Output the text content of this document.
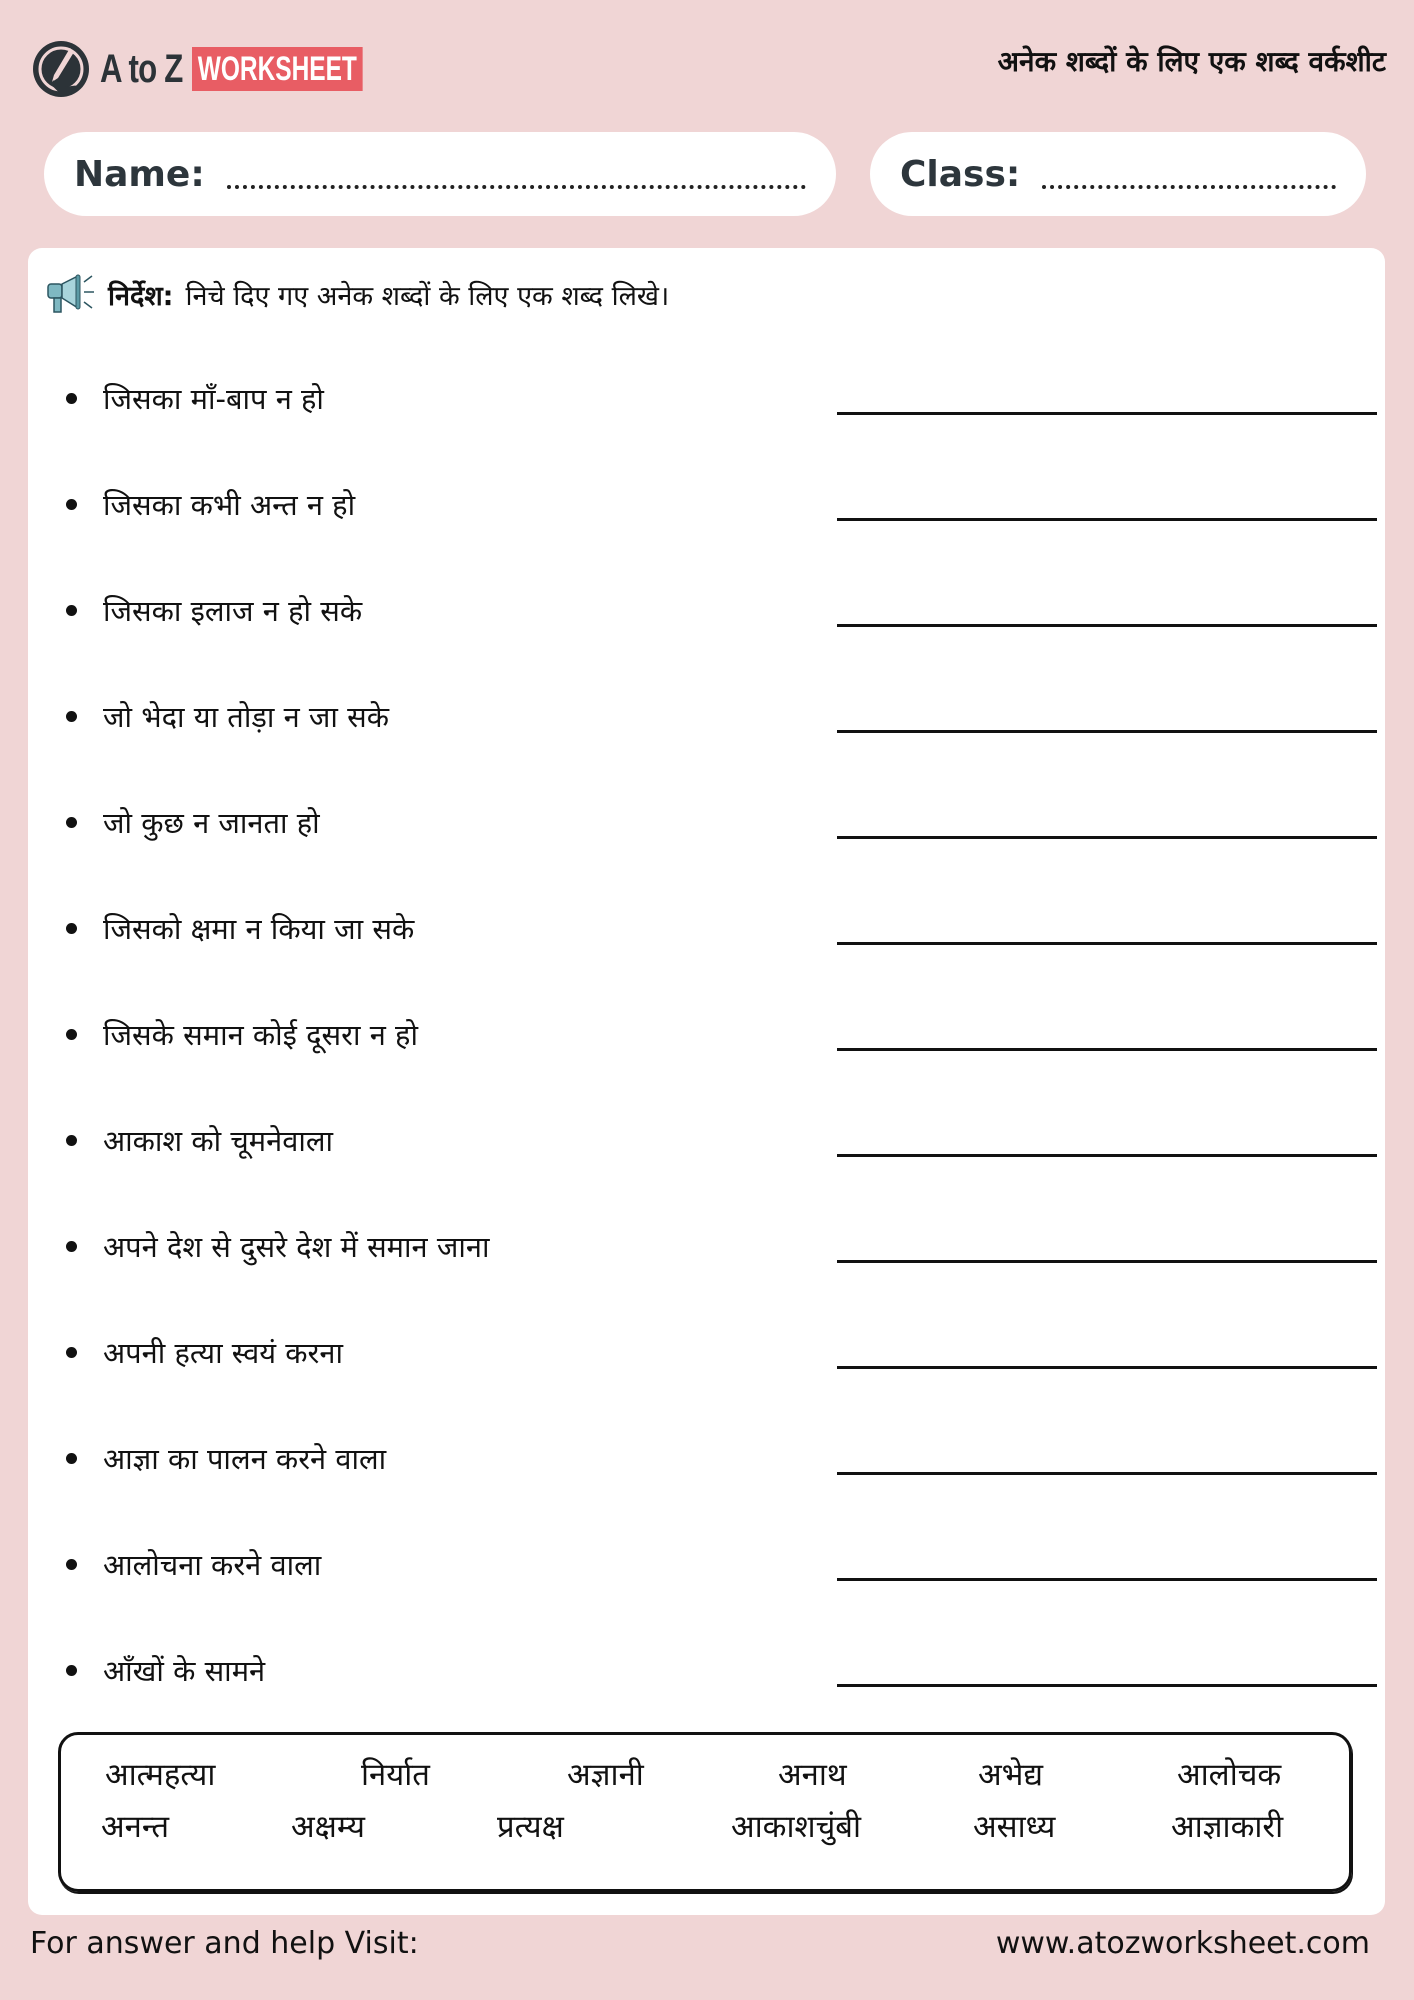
A to Z WORKSHEET	अनेक शब्दों के लिए एक शब्द वर्कशीट
Name:	Class:
निर्देश: निचे दिए गए अनेक शब्दों के लिए एक शब्द लिखे।
जिसका माँ-बाप न हो
जिसका कभी अन्त न हो
जिसका इलाज न हो सके
जो भेदा या तोड़ा न जा सके
जो कुछ न जानता हो
जिसको क्षमा न किया जा सके
जिसके समान कोई दूसरा न हो
आकाश को चूमनेवाला
अपने देश से दुसरे देश में समान जाना
अपनी हत्या स्वयं करना
आज्ञा का पालन करने वाला
आलोचना करने वाला
आँखों के सामने
आत्महत्या	निर्यात	अज्ञानी	अनाथ	अभेद्य	आलोचक
अनन्त	अक्षम्य	प्रत्यक्ष	आकाशचुंबी	असाध्य	आज्ञाकारी
For answer and help Visit:	www.atozworksheet.com
